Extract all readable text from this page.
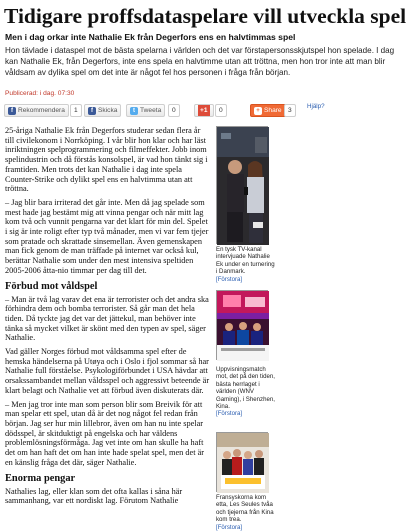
Tidigare proffsdataspelare vill utveckla spel
Men i dag orkar inte Nathalie Ek från Degerfors ens en halvtimmas spel
Hon tävlade i dataspel mot de bästa spelarna i världen och det var förstapersonsskjutspel hon spelade. I dag kan Nathalie Ek, från Degerfors, inte ens spela en halvtimme utan att tröttna, men hon tror inte att man blir våldsam av dylika spel om det inte är något fel hos personen i fråga från början.
Publicerad: i dag. 07:30
f Rekommendera	1	f Skicka	t Tweeta	0	+1	0	+ Share 3
Hjälp?

25-åriga Nathalie Ek från Degerfors studerar sedan flera år till civilekonom i Norrköping. I vår blir hon klar och har läst inriktningen spelprogrammering och filmeffekter. Jobb inom spelindustrin och då förstås konsolspel, är vad hon tänkt sig i framtiden. Men trots det kan Nathalie i dag inte spela Counter-Strike och dylikt spel ens en halvtimma utan att tröttna.

– Jag blir bara irriterad det går inte. Men då jag spelade som mest hade jag bestämt mig att vinna pengar och när mitt lag kom två och vunnit pengarna var det klart för min del. Spelet i sig är inte roligt efter typ två månader, men vi var fem tjejer som pratade och skrattade sinsemellan. Även gemenskapen man fick genom de man träffade på internet var också kul, berättar Nathalie som under den mest intensiva speltiden 2005-2006 åtta-nio timmar per dag till det.

Förbud mot våldspel

– Man är två lag varav det ena är terrorister och det andra ska förhindra dem och bomba terrorister. Så går man det hela tiden. Då tyckte jag det var det jättekul, man behöver inte tänka så mycket vilket är skönt med den typen av spel, säger Nathalie.

Vad gäller Norges förbud mot våldsamma spel efter de hemska händelserna på Utøya och i Oslo i fjol sommar så har Nathalie full förståelse. Psykologiförbundet i USA hävdar att orsakssambandet mellan våldsspel och aggressivt beteende är klart belagt och Nathalie vet att förbud även diskuterats där.

– Men jag tror inte man som person blir som Breivik för att man spelar ett spel, utan då är det nog något fel redan från början. Jag ser hur min lillebror, även om han nu inte spelar dödsspel, är skitduktigt på engelska och har väldens problemlösningsförmåga. Jag vet inte om han skulle ha haft det om han haft det om han inte hade spelat spel, men det är en känslig fråga det där, säger Nathalie.

Enorma pengar

Nathalies lag, eller klan som det ofta kallas i såna här sammanhang, var ett nordiskt lag. Förutom Nathalie

En tysk TV-kanal intervjuade Nathalie Ek under en turnering i Danmark.
[Förstora]
Uppvisningsmatch mot, det på den tiden, bästa herrlaget i världen (WNV Gaming), i Shenzhen, Kina.
[Förstora]
Fransyskorna kom etta, Les Seules tvåa och tjejerna från Kina kom trea.
[Förstora]
